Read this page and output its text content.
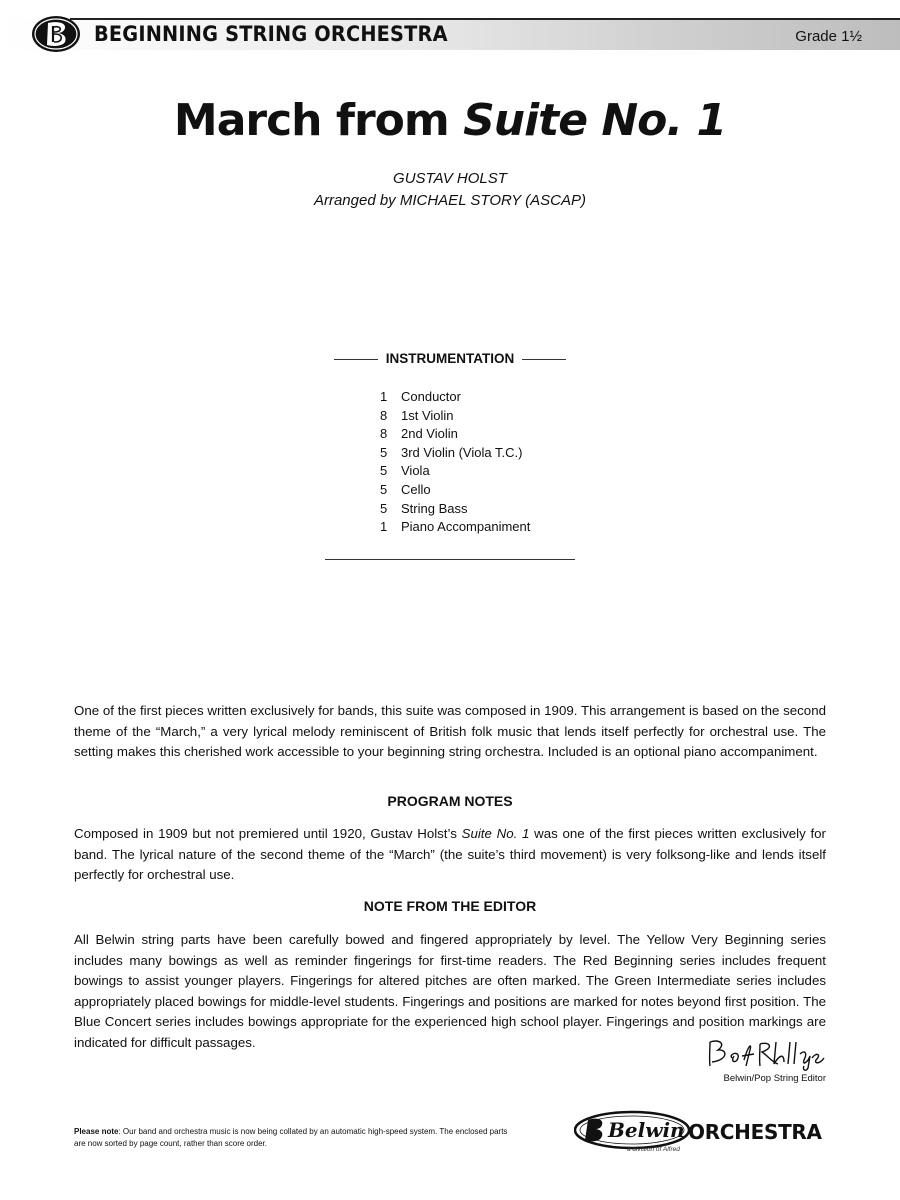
BEGINNING STRING ORCHESTRA	Grade 1½
March from Suite No. 1
GUSTAV HOLST
Arranged by MICHAEL STORY (ASCAP)
INSTRUMENTATION
1 Conductor
8 1st Violin
8 2nd Violin
5 3rd Violin (Viola T.C.)
5 Viola
5 Cello
5 String Bass
1 Piano Accompaniment

One of the first pieces written exclusively for bands, this suite was composed in 1909. This arrangement is based on the second theme of the “March,” a very lyrical melody reminiscent of British folk music that lends itself perfectly for orchestral use. The setting makes this cherished work accessible to your beginning string orchestra. Included is an optional piano accompaniment.

PROGRAM NOTES

Composed in 1909 but not premiered until 1920, Gustav Holst’s Suite No. 1 was one of the first pieces written exclusively for band. The lyrical nature of the second theme of the “March” (the suite’s third movement) is very folksong-like and lends itself perfectly for orchestral use.

NOTE FROM THE EDITOR

All Belwin string parts have been carefully bowed and fingered appropriately by level. The Yellow Very Beginning series includes many bowings as well as reminder fingerings for first-time readers. The Red Beginning series includes frequent bowings to assist younger players. Fingerings for altered pitches are often marked. The Green Intermediate series includes appropriately placed bowings for middle-level students. Fingerings and positions are marked for notes beyond first position. The Blue Concert series includes bowings appropriate for the experienced high school player. Fingerings and position markings are indicated for difficult passages.

Belwin/Pop String Editor
Please note: Our band and orchestra music is now being collated by an automatic high-speed system. The enclosed parts are now sorted by page count, rather than score order.
Belwin ORCHESTRA
a division of Alfred
